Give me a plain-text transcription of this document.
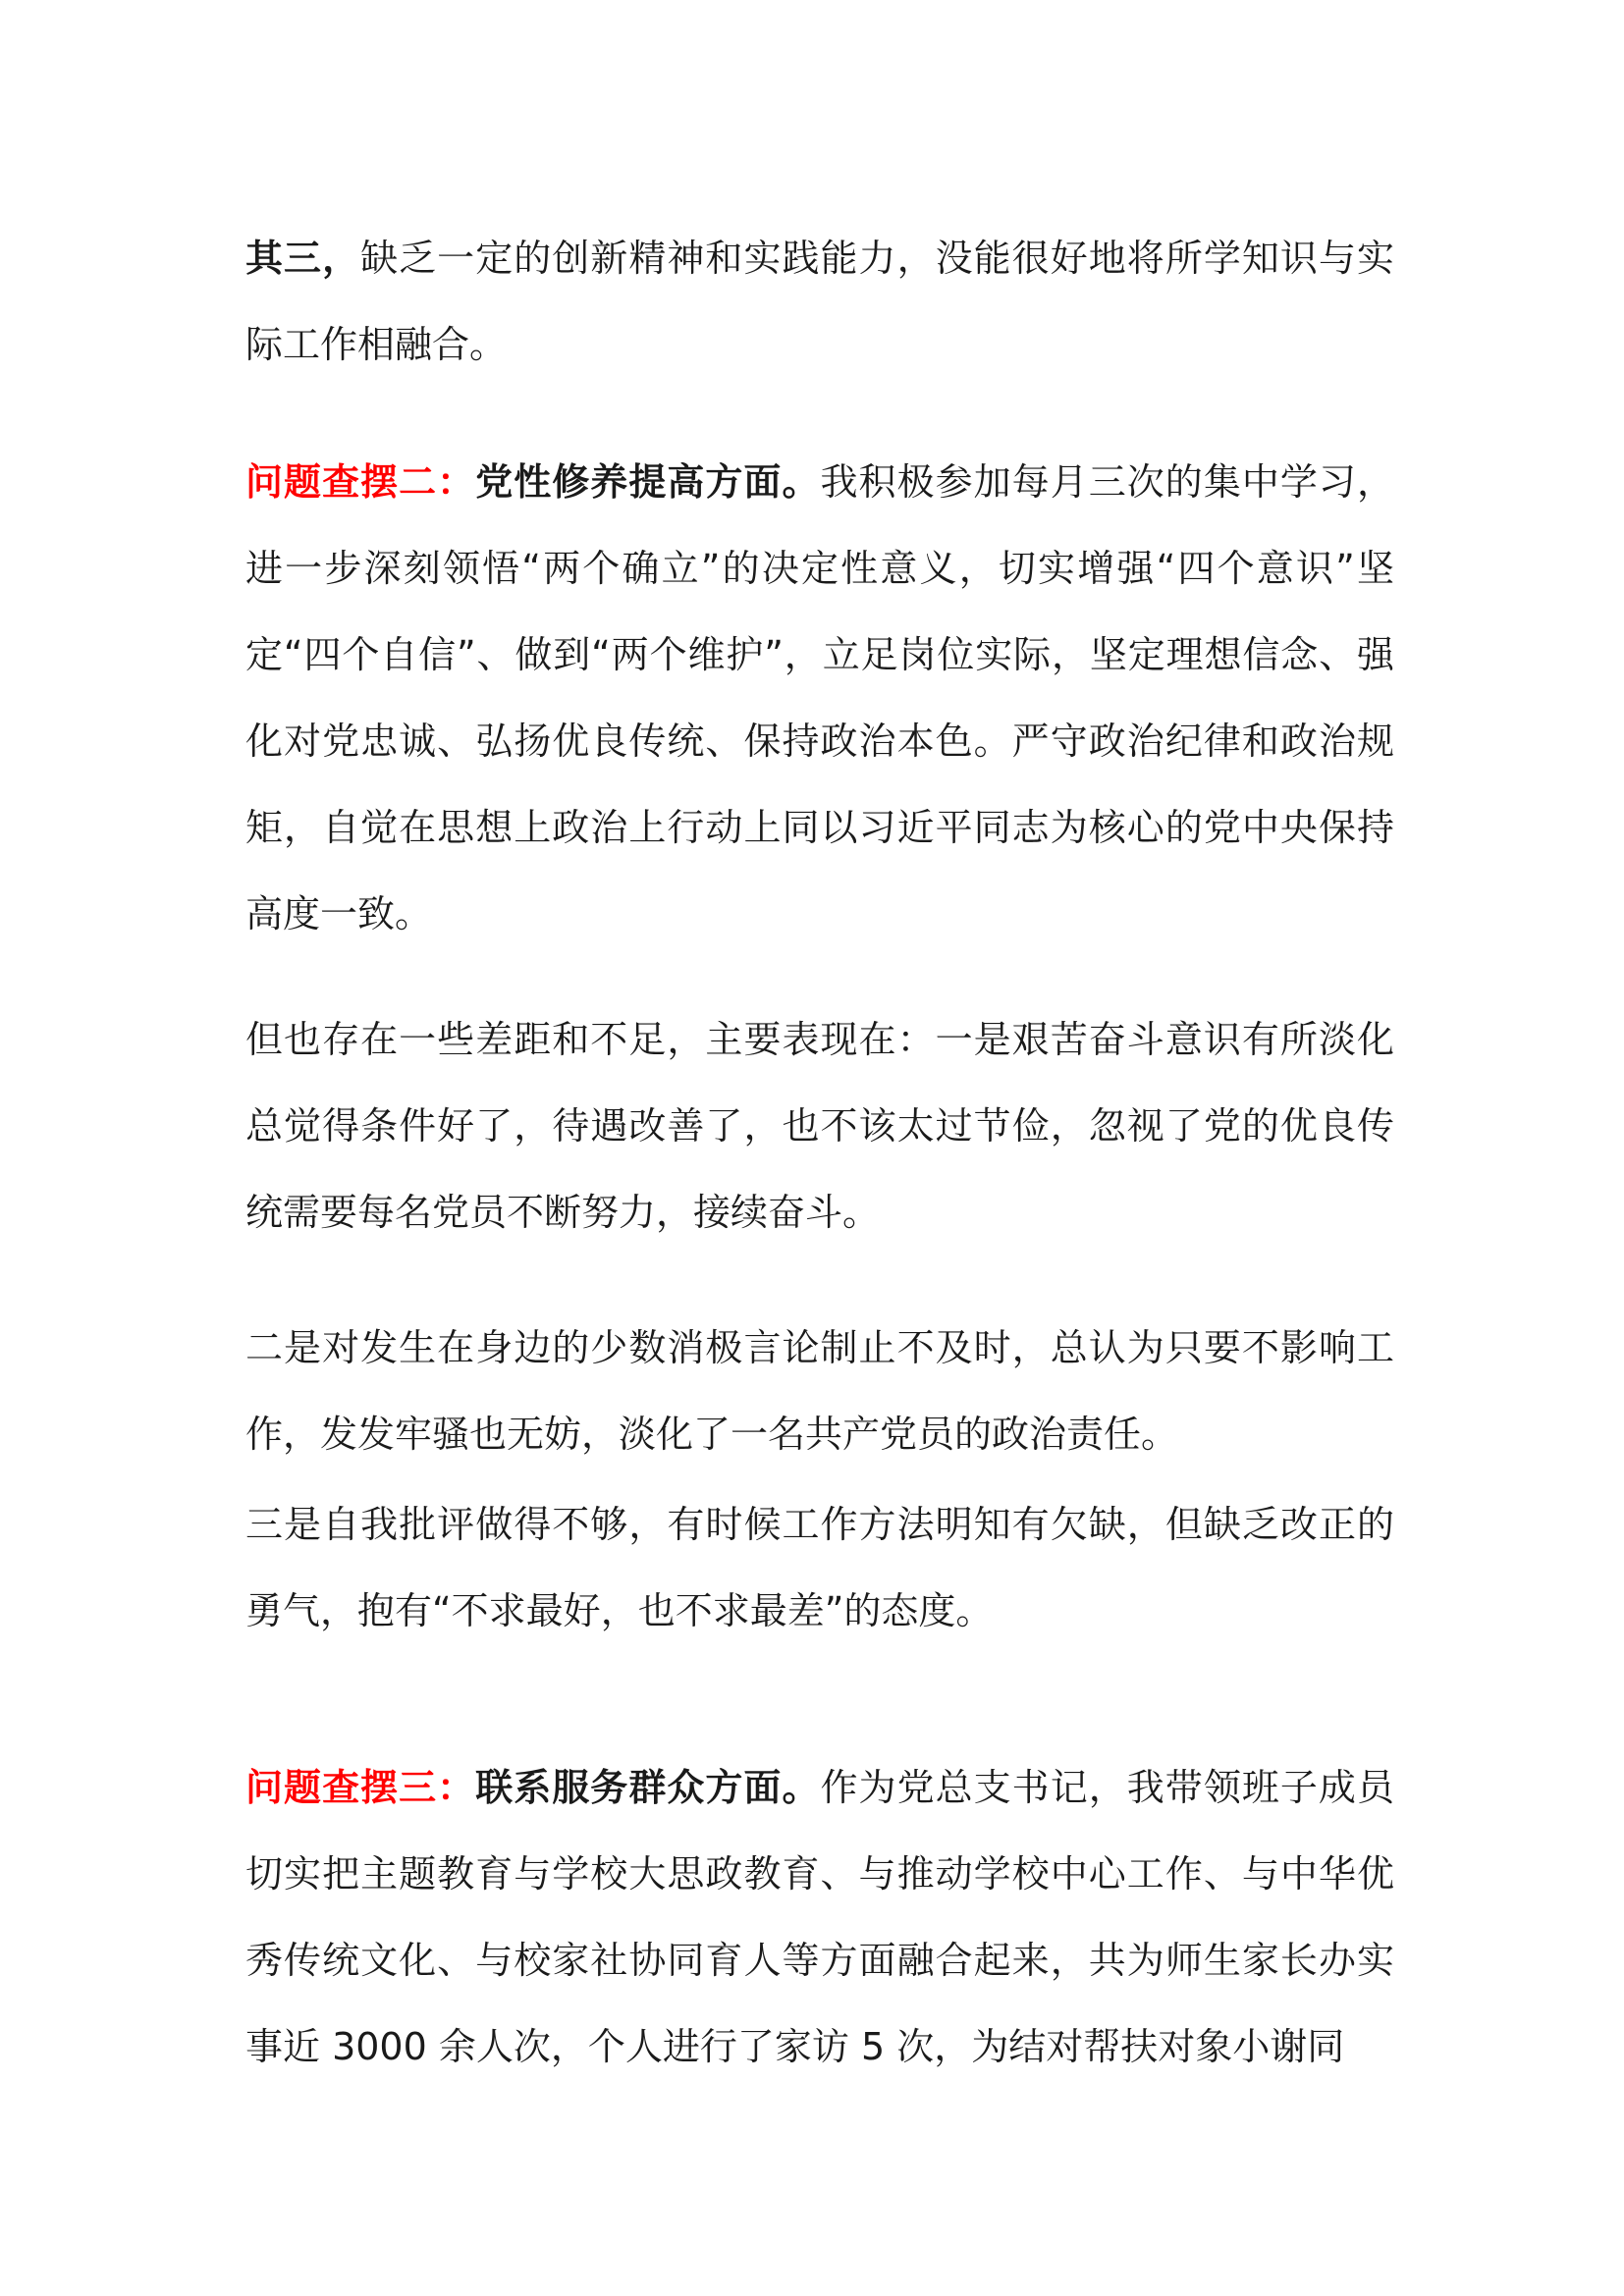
其三，缺乏一定的创新精神和实践能力，没能很好地将所学知识与实际工作相融合。

问题查摆二：党性修养提高方面。我积极参加每月三次的集中学习，进一步深刻领悟“两个确立”的决定性意义，切实增强“四个意识”坚定“四个自信”、做到“两个维护”，立足岗位实际，坚定理想信念、强化对党忠诚、弘扬优良传统、保持政治本色。严守政治纪律和政治规矩，自觉在思想上政治上行动上同以习近平同志为核心的党中央保持高度一致。

但也存在一些差距和不足，主要表现在：一是艰苦奋斗意识有所淡化总觉得条件好了，待遇改善了，也不该太过节俭，忽视了党的优良传统需要每名党员不断努力，接续奋斗。

二是对发生在身边的少数消极言论制止不及时，总认为只要不影响工作，发发牢骚也无妨，淡化了一名共产党员的政治责任。

三是自我批评做得不够，有时候工作方法明知有欠缺，但缺乏改正的勇气，抱有“不求最好，也不求最差”的态度。

问题查摆三：联系服务群众方面。作为党总支书记，我带领班子成员切实把主题教育与学校大思政教育、与推动学校中心工作、与中华优秀传统文化、与校家社协同育人等方面融合起来，共为师生家长办实事近 3000 余人次，个人进行了家访 5 次，为结对帮扶对象小谢同
